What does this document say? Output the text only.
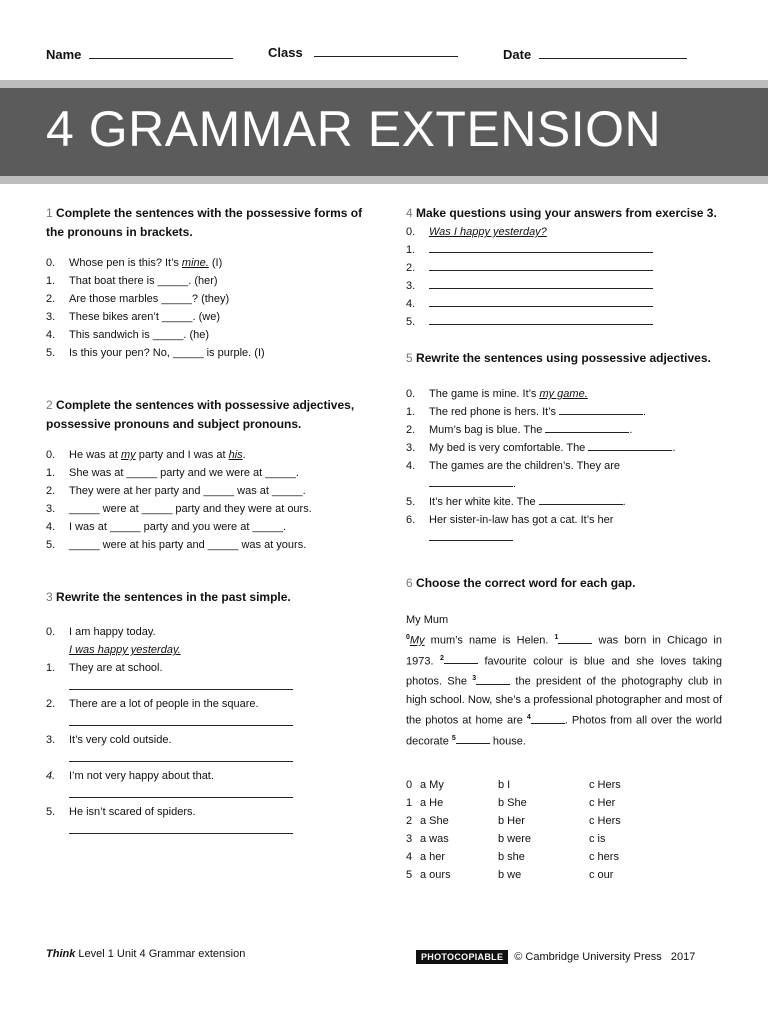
Name	Class	Date
4 GRAMMAR EXTENSION

1 Complete the sentences with the possessive forms of the pronouns in brackets.

0. Whose pen is this? It’s mine. (I)
1. That boat there is _____. (her)
2. Are those marbles _____? (they)
3. These bikes aren’t _____. (we)
4. This sandwich is _____. (he)
5. Is this your pen? No, _____ is purple. (I)

2 Complete the sentences with possessive adjectives, possessive pronouns and subject pronouns.

0. He was at my party and I was at his.
1. She was at _____ party and we were at _____.
2. They were at her party and _____ was at _____.
3. _____ were at _____ party and they were at ours.
4. I was at _____ party and you were at _____.
5. _____ were at his party and _____ was at yours.

3 Rewrite the sentences in the past simple.

0. I am happy today.
I was happy yesterday.
1. They are at school.
2. There are a lot of people in the square.
3. It’s very cold outside.
4. I’m not very happy about that.
5. He isn’t scared of spiders.

4 Make questions using your answers from exercise 3.

0. Was I happy yesterday?
1.
2.
3.
4.
5.

5 Rewrite the sentences using possessive adjectives.

0. The game is mine. It’s my game.
1. The red phone is hers. It’s	.
2. Mum’s bag is blue. The	.
3. My bed is very comfortable. The	.
4. The games are the children’s. They are
.
5. It’s her white kite. The	.
6. Her sister-in-law has got a cat. It’s her

6 Choose the correct word for each gap.

My Mum
$^0$My mum’s name is Helen. $^1$	was born in Chicago in 1973. $^2$	favourite colour is blue and she loves taking photos. She $^3$	the president of the photography club in high school. Now, she’s a professional photographer and most of the photos at home are $^4$	. Photos from all over the world decorate $^5$	house.
0 a My	b I	c Hers
1 a He	b She	c Her
2 a She	b Her	c Hers
3 a was	b were	c is
4 a her	b she	c hers
5 a ours	b we	c our
Think Level 1 Unit 4 Grammar extension	PHOTOCOPIABLE	© Cambridge University Press   2017
